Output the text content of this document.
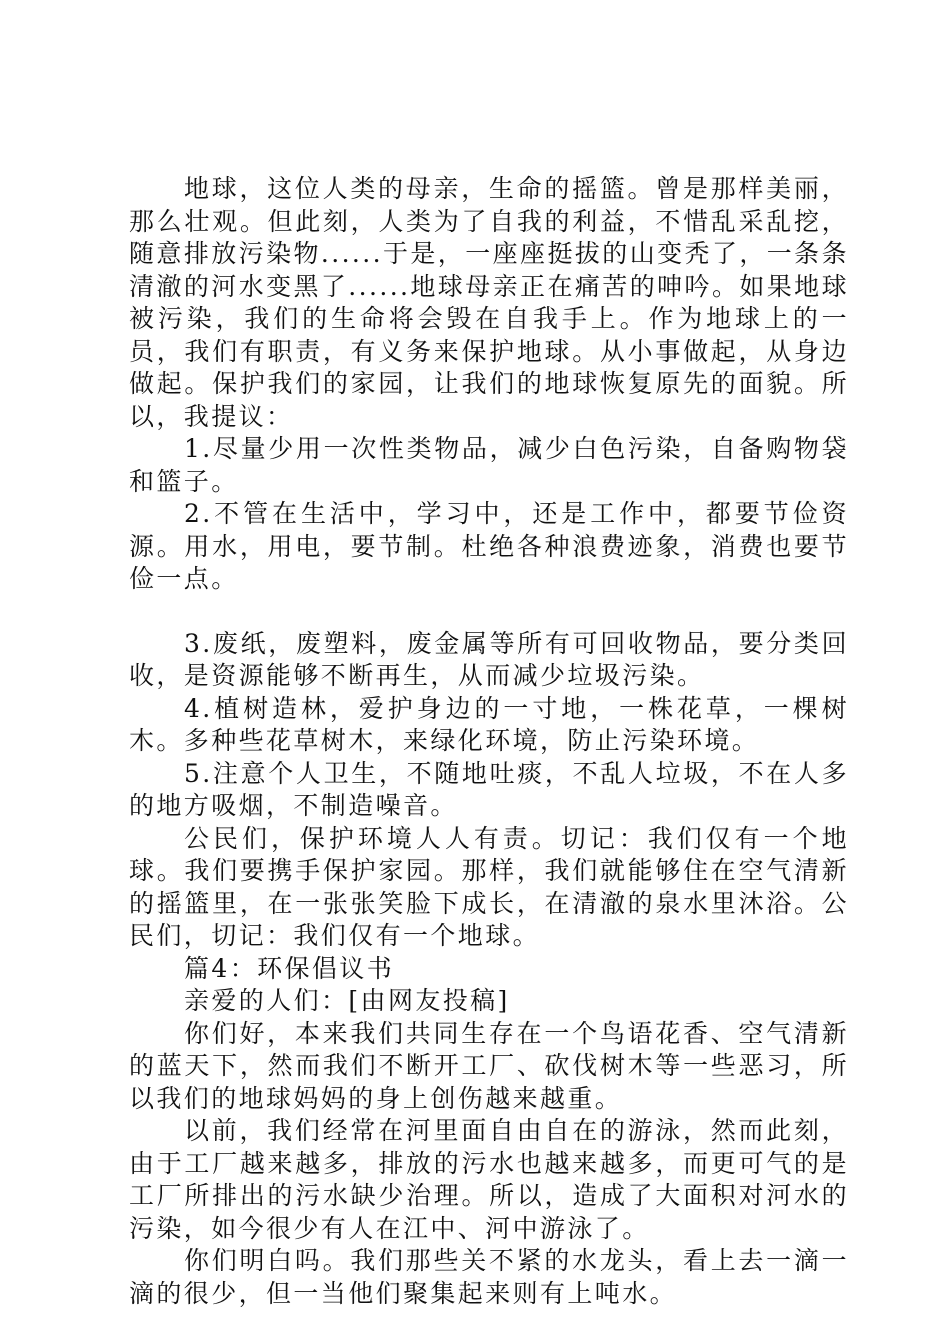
地球，这位人类的母亲，生命的摇篮。曾是那样美丽，那么壮观。但此刻，人类为了自我的利益，不惜乱采乱挖，随意排放污染物......于是，一座座挺拔的山变秃了，一条条清澈的河水变黑了......地球母亲正在痛苦的呻吟。如果地球被污染，我们的生命将会毁在自我手上。作为地球上的一员，我们有职责，有义务来保护地球。从小事做起，从身边做起。保护我们的家园，让我们的地球恢复原先的面貌。所以，我提议：

1.尽量少用一次性类物品，减少白色污染，自备购物袋和篮子。

2.不管在生活中，学习中，还是工作中，都要节俭资源。用水，用电，要节制。杜绝各种浪费迹象，消费也要节俭一点。

3.废纸，废塑料，废金属等所有可回收物品，要分类回收，是资源能够不断再生，从而减少垃圾污染。

4.植树造林，爱护身边的一寸地，一株花草，一棵树木。多种些花草树木，来绿化环境，防止污染环境。

5.注意个人卫生，不随地吐痰，不乱人垃圾，不在人多的地方吸烟，不制造噪音。

公民们，保护环境人人有责。切记：我们仅有一个地球。我们要携手保护家园。那样，我们就能够住在空气清新的摇篮里，在一张张笑脸下成长，在清澈的泉水里沐浴。公民们，切记：我们仅有一个地球。

篇4：环保倡议书

亲爱的人们：[由网友投稿]

你们好，本来我们共同生存在一个鸟语花香、空气清新的蓝天下，然而我们不断开工厂、砍伐树木等一些恶习，所以我们的地球妈妈的身上创伤越来越重。

以前，我们经常在河里面自由自在的游泳，然而此刻，由于工厂越来越多，排放的污水也越来越多，而更可气的是工厂所排出的污水缺少治理。所以，造成了大面积对河水的污染，如今很少有人在江中、河中游泳了。

你们明白吗。我们那些关不紧的水龙头，看上去一滴一滴的很少，但一当他们聚集起来则有上吨水。
